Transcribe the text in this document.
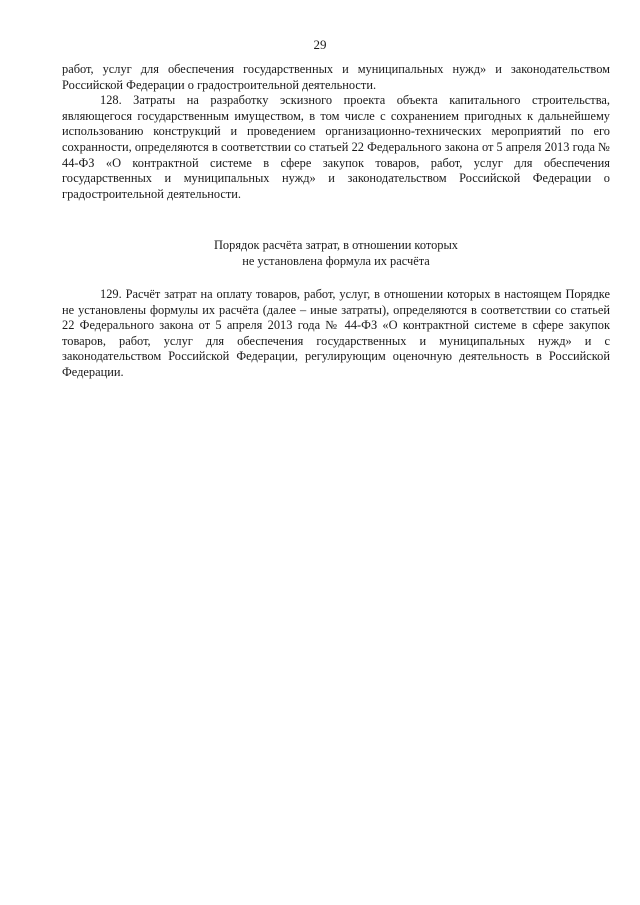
29

работ, услуг для обеспечения государственных и муниципальных нужд» и законодательством Российской Федерации о градостроительной деятельности.

128. Затраты на разработку эскизного проекта объекта капитального строительства, являющегося государственным имуществом, в том числе с сохранением пригодных к дальнейшему использованию конструкций и проведением организационно-технических мероприятий по его сохранности, определяются в соответствии со статьей 22 Федерального закона от 5 апреля 2013 года № 44-ФЗ «О контрактной системе в сфере закупок товаров, работ, услуг для обеспечения государственных и муниципальных нужд» и законодательством Российской Федерации о градостроительной деятельности.

Порядок расчёта затрат, в отношении которых
не установлена формула их расчёта

129. Расчёт затрат на оплату товаров, работ, услуг, в отношении которых в настоящем Порядке не установлены формулы их расчёта (далее – иные затраты), определяются в соответствии со статьей 22 Федерального закона от 5 апреля 2013 года № 44-ФЗ «О контрактной системе в сфере закупок товаров, работ, услуг для обеспечения государственных и муниципальных нужд» и с законодательством Российской Федерации, регулирующим оценочную деятельность в Российской Федерации.
